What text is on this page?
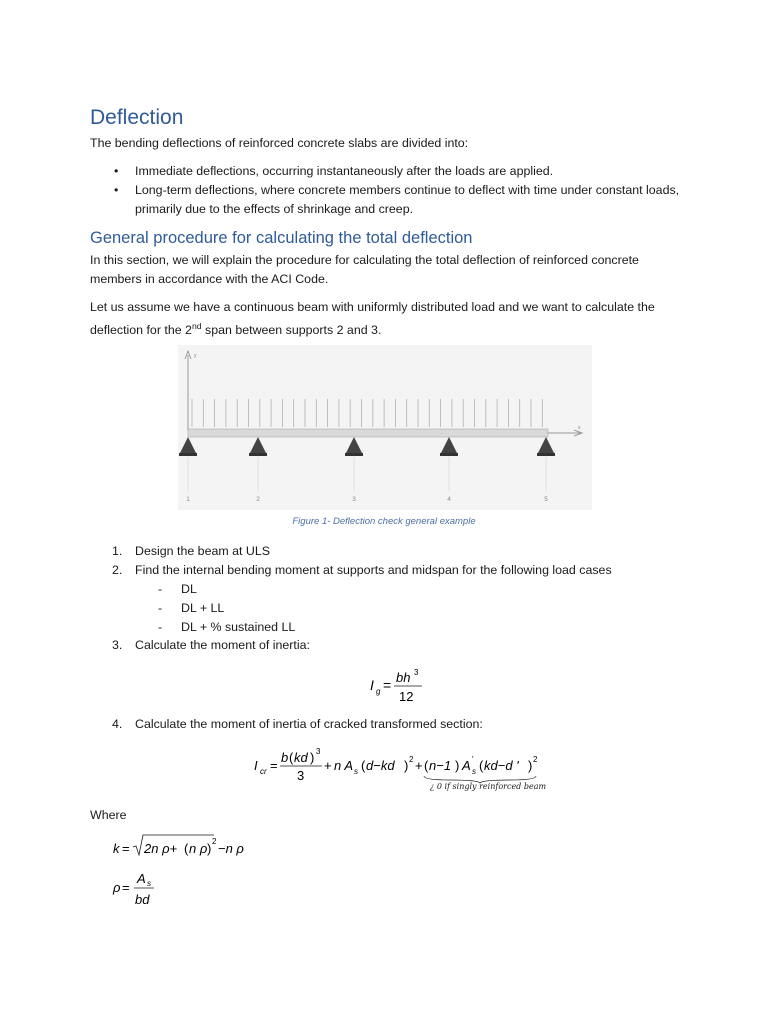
Deflection
The bending deflections of reinforced concrete slabs are divided into:
• Immediate deflections, occurring instantaneously after the loads are applied.
• Long-term deflections, where concrete members continue to deflect with time under constant loads, primarily due to the effects of shrinkage and creep.
General procedure for calculating the total deflection
In this section, we will explain the procedure for calculating the total deflection of reinforced concrete members in accordance with the ACI Code.
Let us assume we have a continuous beam with uniformly distributed load and we want to calculate the deflection for the 2nd span between supports 2 and 3.
y
x
1	2	3	4	5
Figure 1- Deflection check general example
1. Design the beam at ULS
2. Find the internal bending moment at supports and midspan for the following load cases
- DL
- DL + LL
- DL + % sustained LL
3. Calculate the moment of inertia:
I g = bh 3
12
4. Calculate the moment of inertia of cracked transformed section:
I cr =
b ( kd ) 3
3
+ n A s ( d−kd ) 2 + ( n−1 ) A s
' ( kd−d ' ) 2
¿ 0 if singly reinforced beam
Where
k = 2n ρ+ ( n ρ ) 2 −n ρ
ρ =
A s
bd
